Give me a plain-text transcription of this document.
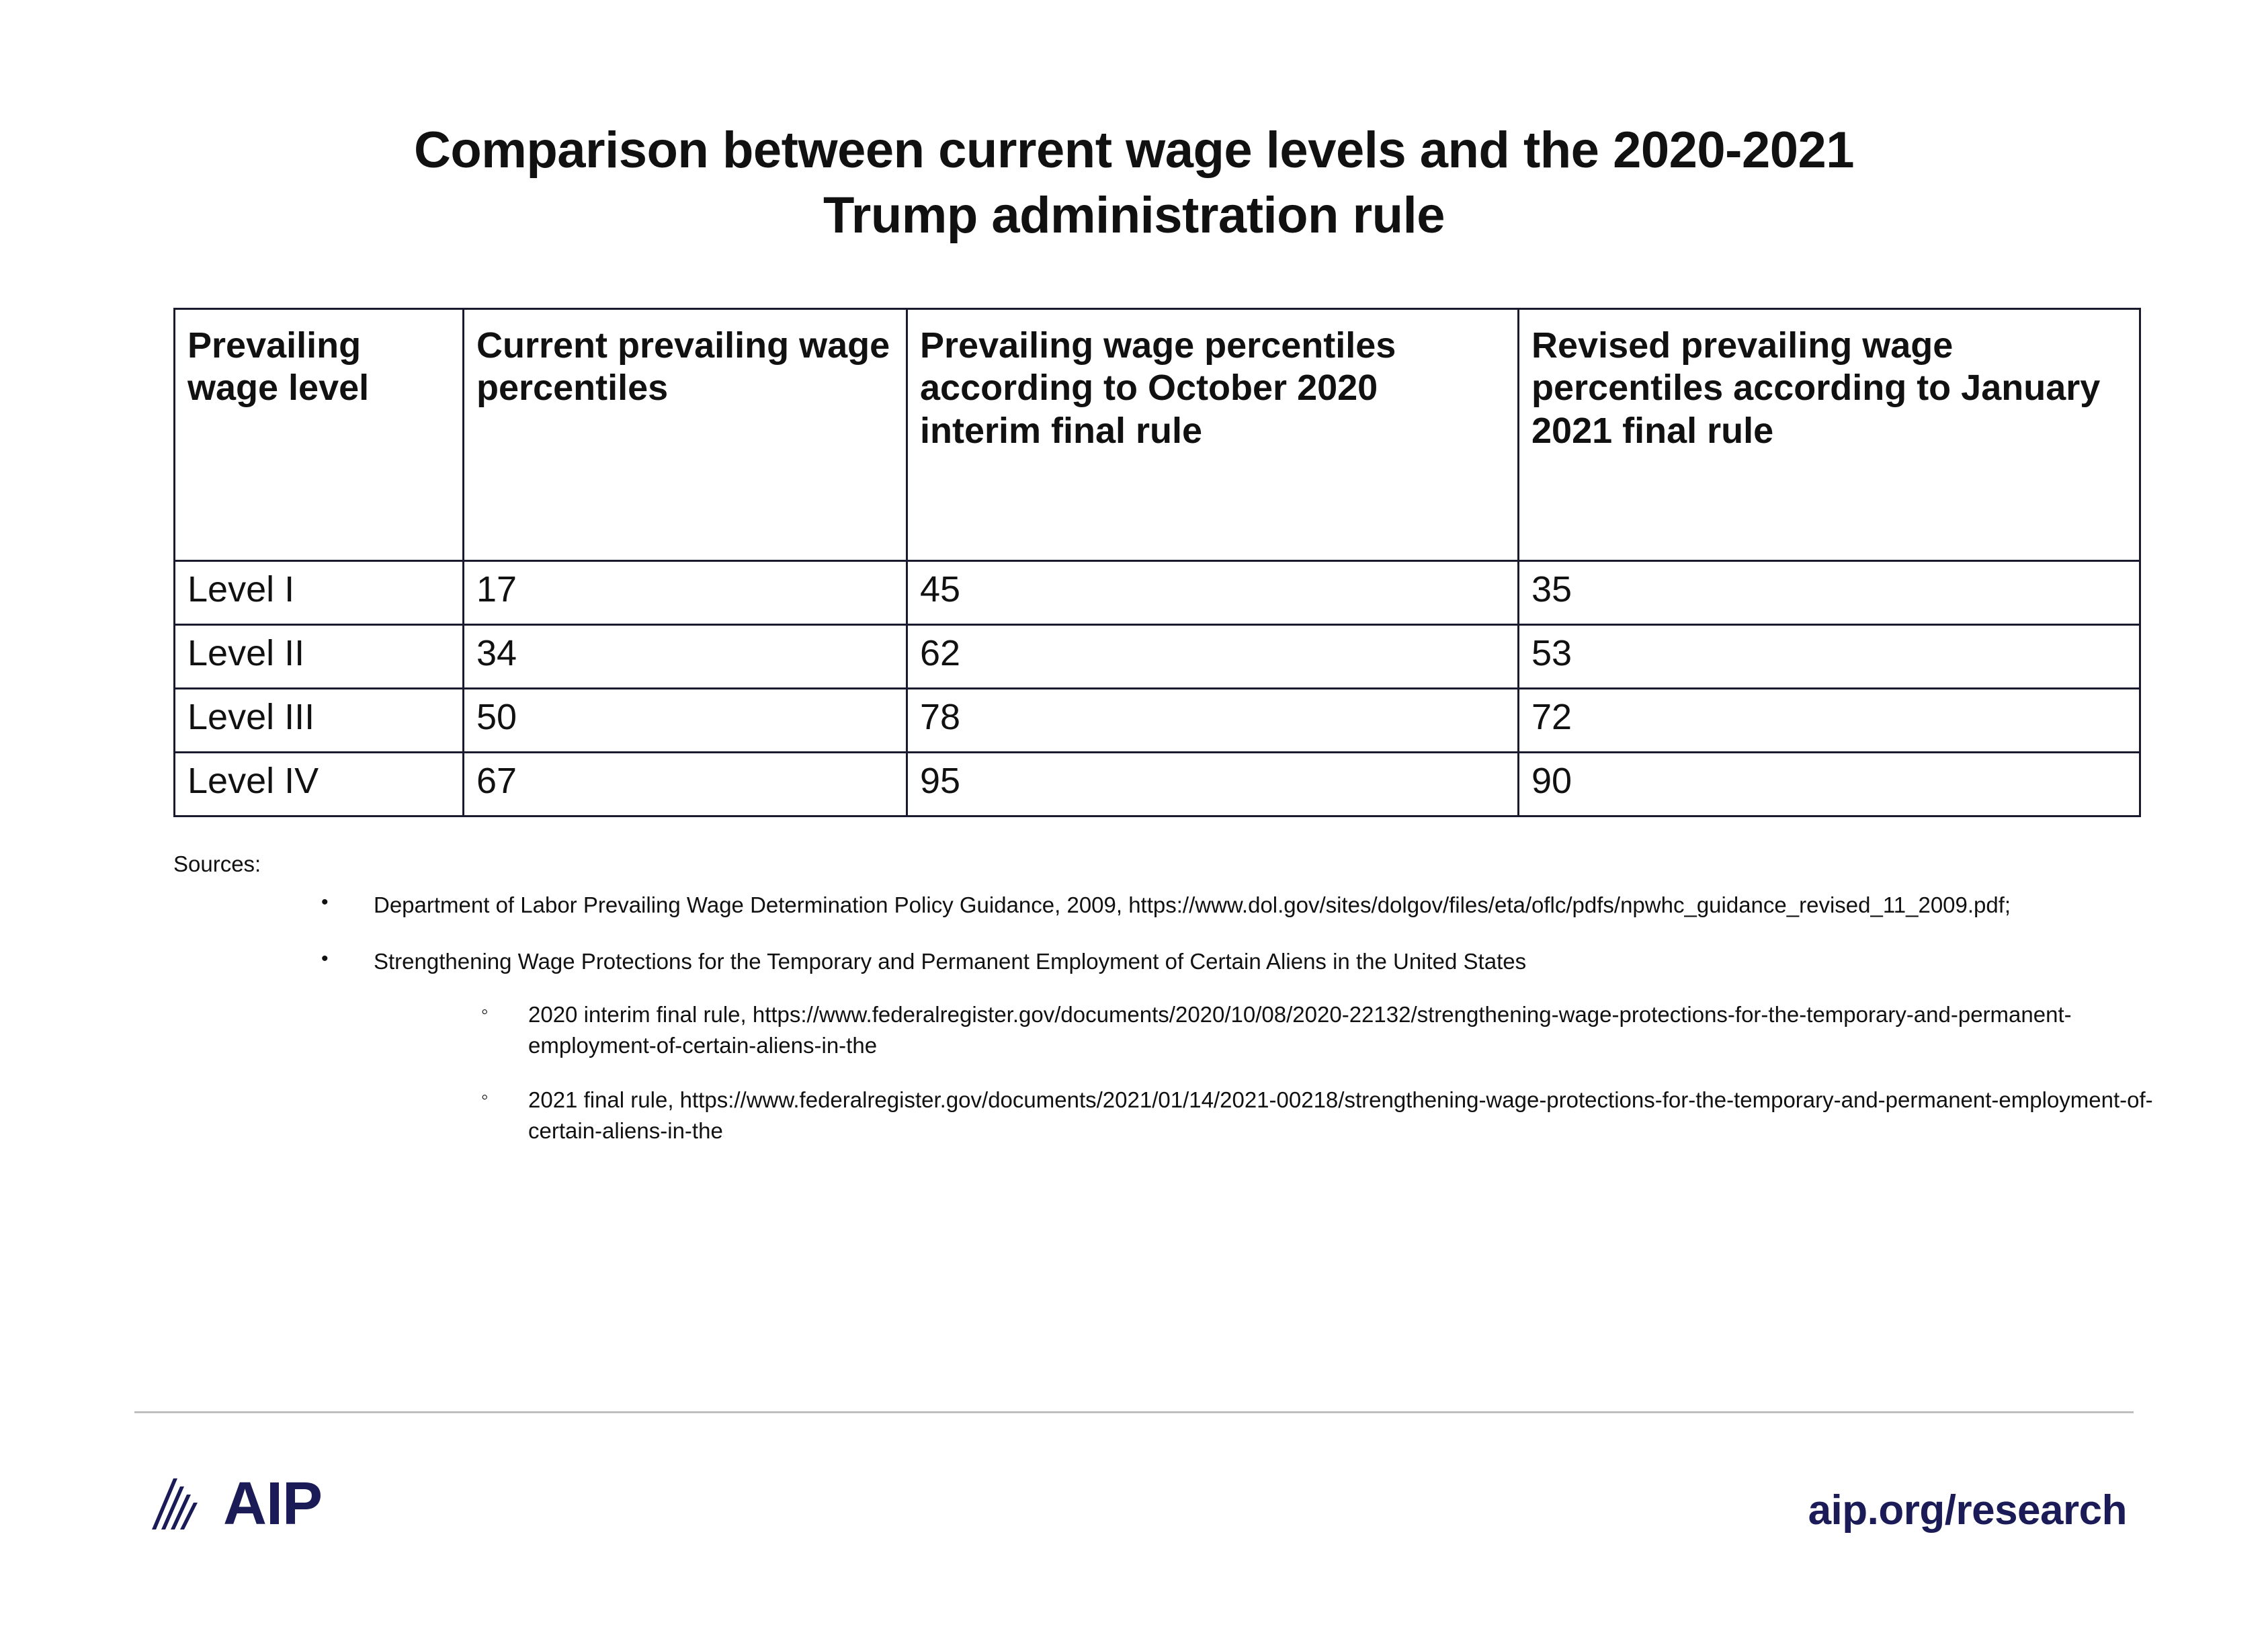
Comparison between current wage levels and the 2020-2021
Trump administration rule
Prevailing wage level	Current prevailing wage percentiles	Prevailing wage percentiles according to October 2020 interim final rule	Revised prevailing wage percentiles according to January 2021 final rule
Level I	17	45	35
Level II	34	62	53
Level III	50	78	72
Level IV	67	95	90
Sources:
• Department of Labor Prevailing Wage Determination Policy Guidance, 2009, https://www.dol.gov/sites/dolgov/files/eta/oflc/pdfs/npwhc_guidance_revised_11_2009.pdf;
• Strengthening Wage Protections for the Temporary and Permanent Employment of Certain Aliens in the United States
◦ 2020 interim final rule, https://www.federalregister.gov/documents/2020/10/08/2020-22132/strengthening-wage-protections-for-the-temporary-and-permanent-employment-of-certain-aliens-in-the
◦ 2021 final rule, https://www.federalregister.gov/documents/2021/01/14/2021-00218/strengthening-wage-protections-for-the-temporary-and-permanent-employment-of-certain-aliens-in-the
AIP	aip.org/research
